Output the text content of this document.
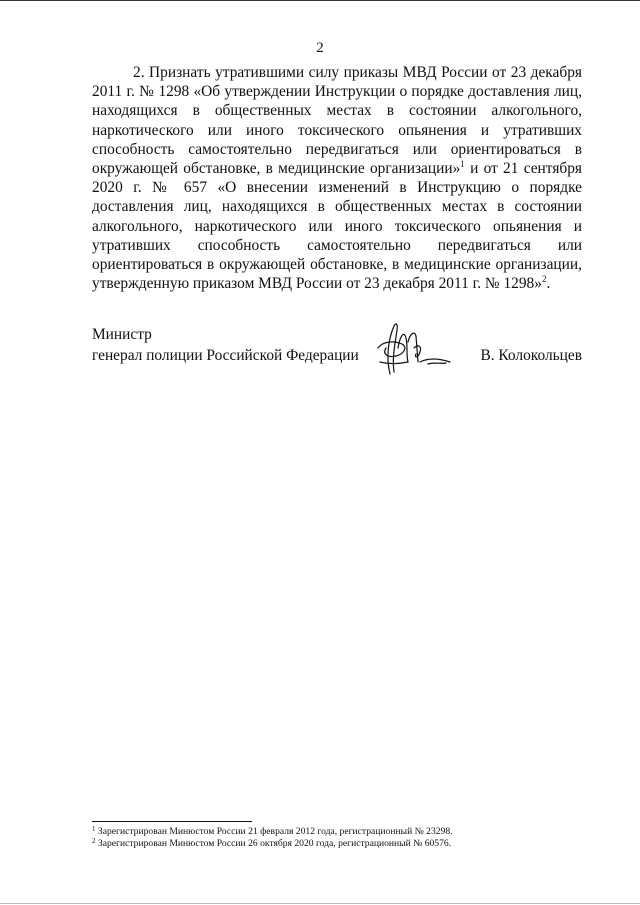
2

2. Признать утратившими силу приказы МВД России от 23 декабря 2011 г. № 1298 «Об утверждении Инструкции о порядке доставления лиц, находящихся в общественных местах в состоянии алкогольного, наркотического или иного токсического опьянения и утративших способность самостоятельно передвигаться или ориентироваться в окружающей обстановке, в медицинские организации»$^1$ и от 21 сентября 2020 г. № 657 «О внесении изменений в Инструкцию о порядке доставления лиц, находящихся в общественных местах в состоянии алкогольного, наркотического или иного токсического опьянения и утративших способность самостоятельно передвигаться или ориентироваться в окружающей обстановке, в медицинские организации, утвержденную приказом МВД России от 23 декабря 2011 г. № 1298»$^2$.

Министр
генерал полиции Российской Федерации	В. Колокольцев
$^1$ Зарегистрирован Минюстом России 21 февраля 2012 года, регистрационный № 23298.
$^2$ Зарегистрирован Минюстом России 26 октября 2020 года, регистрационный № 60576.
